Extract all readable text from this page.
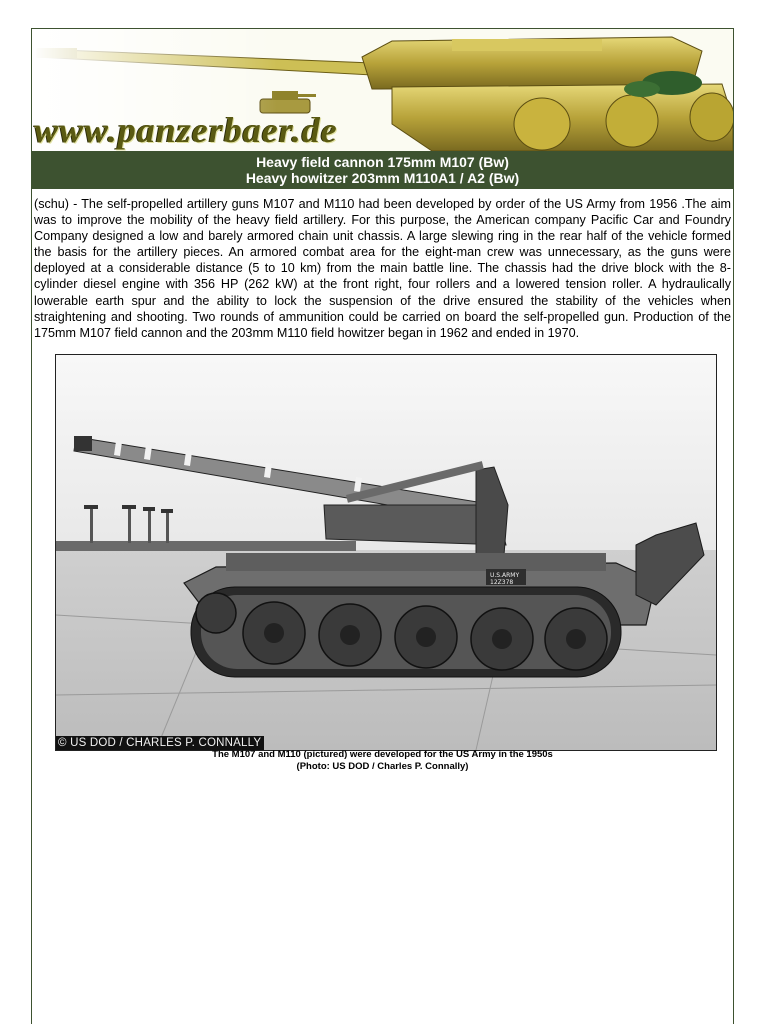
www.panzerbaer.de
Heavy field cannon 175mm M107 (Bw)
Heavy howitzer 203mm M110A1 / A2 (Bw)

(schu) - The self-propelled artillery guns M107 and M110 had been developed by order of the US Army from 1956 .The aim was to improve the mobility of the heavy field artillery. For this purpose, the American company Pacific Car and Foundry Company designed a low and barely armored chain unit chassis. A large slewing ring in the rear half of the vehicle formed the basis for the artillery pieces. An armored combat area for the eight-man crew was unnecessary, as the guns were deployed at a considerable distance (5 to 10 km) from the main battle line. The chassis had the drive block with the 8-cylinder diesel engine with 356 HP (262 kW) at the front right, four rollers and a lowered tension roller. A hydraulically lowerable earth spur and the ability to lock the suspension of the drive ensured the stability of the vehicles when straightening and shooting. Two rounds of ammunition could be carried on board the self-propelled gun. Production of the 175mm M107 field cannon and the 203mm M110 field howitzer began in 1962 and ended in 1970.

U.S.ARMY
12Z378
© US DOD / CHARLES P. CONNALLY
The M107 and M110 (pictured) were developed for the US Army in the 1950s
(Photo: US DOD / Charles P. Connally)
